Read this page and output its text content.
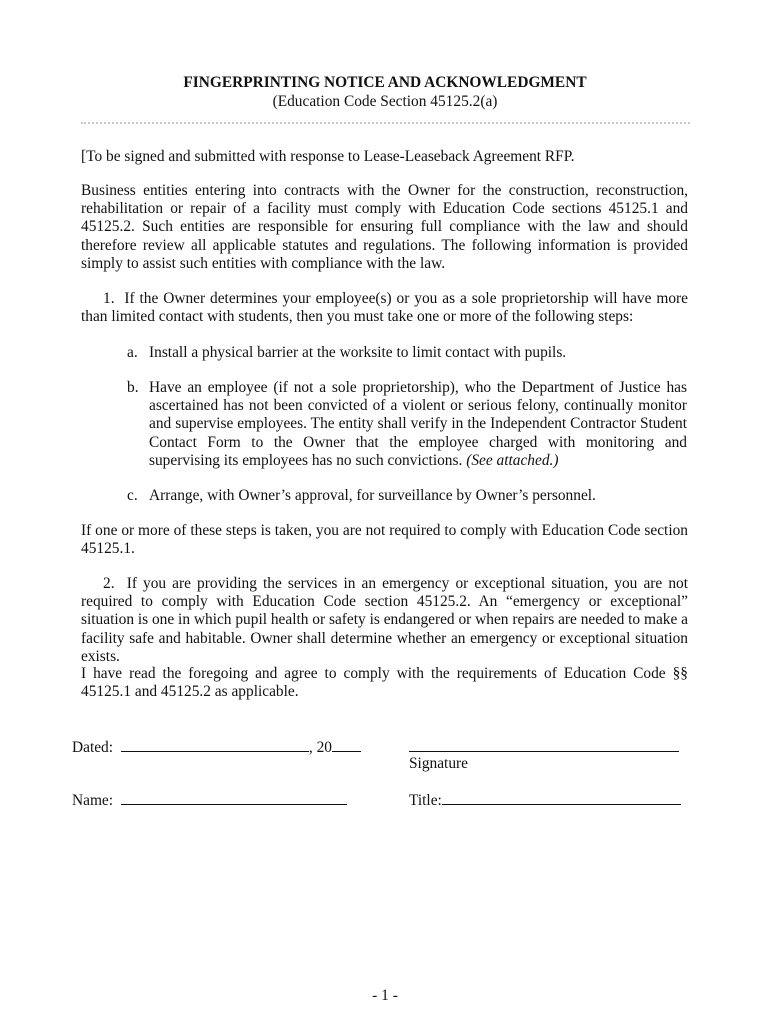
FINGERPRINTING NOTICE AND ACKNOWLEDGMENT
(Education Code Section 45125.2(a)

[To be signed and submitted with response to Lease-Leaseback Agreement RFP.

Business entities entering into contracts with the Owner for the construction, reconstruction, rehabilitation or repair of a facility must comply with Education Code sections 45125.1 and 45125.2. Such entities are responsible for ensuring full compliance with the law and should therefore review all applicable statutes and regulations. The following information is provided simply to assist such entities with compliance with the law.

1.  If the Owner determines your employee(s) or you as a sole proprietorship will have more than limited contact with students, then you must take one or more of the following steps:

a. Install a physical barrier at the worksite to limit contact with pupils.

b. Have an employee (if not a sole proprietorship), who the Department of Justice has ascertained has not been convicted of a violent or serious felony, continually monitor and supervise employees. The entity shall verify in the Independent Contractor Student Contact Form to the Owner that the employee charged with monitoring and supervising its employees has no such convictions. (See attached.)

c. Arrange, with Owner’s approval, for surveillance by Owner’s personnel.

If one or more of these steps is taken, you are not required to comply with Education Code section 45125.1.

2.  If you are providing the services in an emergency or exceptional situation, you are not required to comply with Education Code section 45125.2. An “emergency or exceptional” situation is one in which pupil health or safety is endangered or when repairs are needed to make a facility safe and habitable. Owner shall determine whether an emergency or exceptional situation exists.

I have read the foregoing and agree to comply with the requirements of Education Code §§ 45125.1 and 45125.2 as applicable.

Dated:	, 20
Signature
Name:	Title:
- 1 -
